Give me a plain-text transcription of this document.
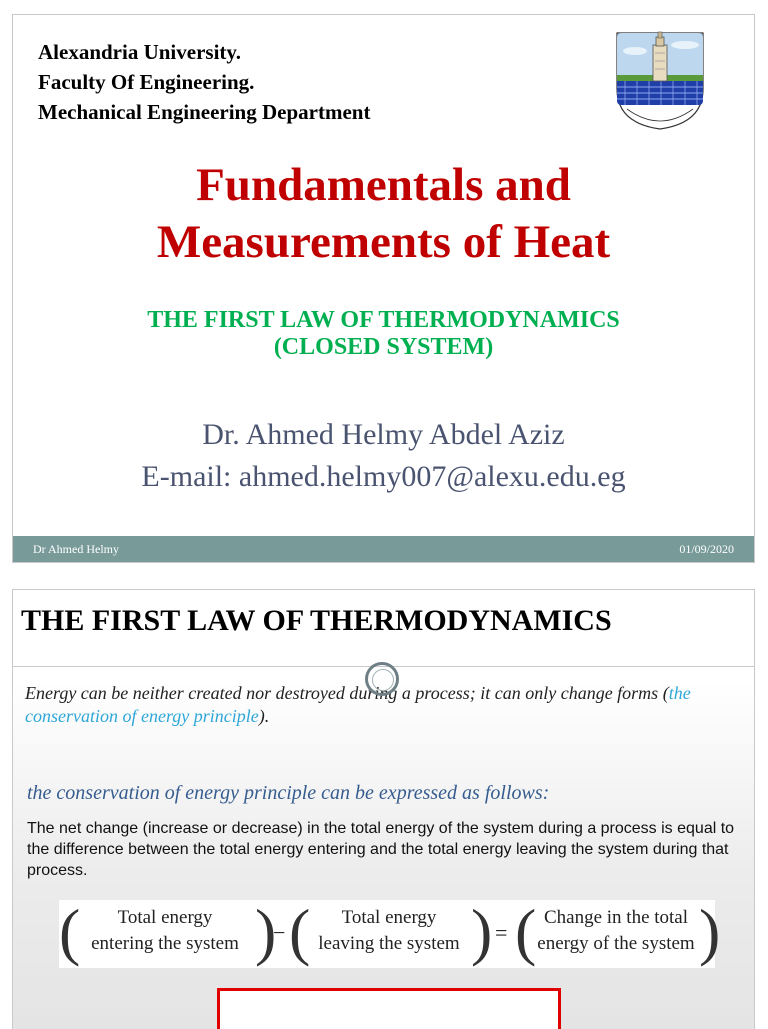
Alexandria University.
Faculty Of Engineering.
Mechanical Engineering Department
Fundamentals and
Measurements of Heat
THE FIRST LAW OF THERMODYNAMICS
(CLOSED SYSTEM)
Dr. Ahmed Helmy Abdel Aziz
E-mail: ahmed.helmy007@alexu.edu.eg
Dr Ahmed Helmy	01/09/2020
THE FIRST LAW OF THERMODYNAMICS
Energy can be neither created nor destroyed during a process; it can only change forms (the conservation of energy principle).
the conservation of energy principle can be expressed as follows:
The net change (increase or decrease) in the total energy of the system during a process is equal to the difference between the total energy entering and the total energy leaving the system during that process.
(	Total energy
entering the system )
− (	Total energy
leaving the system ) = ( Change in the total
energy of the system )
